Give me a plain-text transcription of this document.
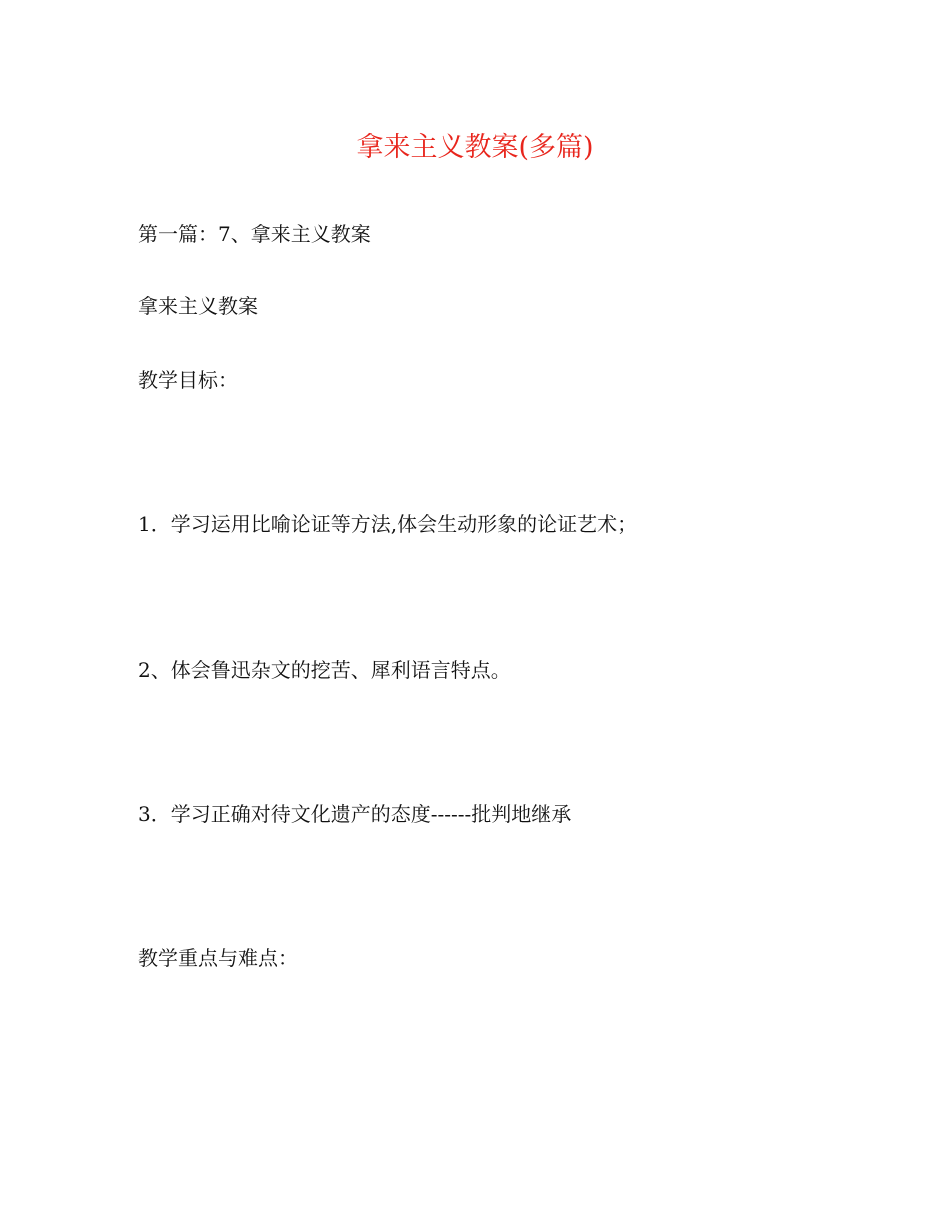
拿来主义教案(多篇)
第一篇：7、拿来主义教案
拿来主义教案
教学目标：
1．学习运用比喻论证等方法,体会生动形象的论证艺术；
2、体会鲁迅杂文的挖苦、犀利语言特点。
3．学习正确对待文化遗产的态度------批判地继承
教学重点与难点：
